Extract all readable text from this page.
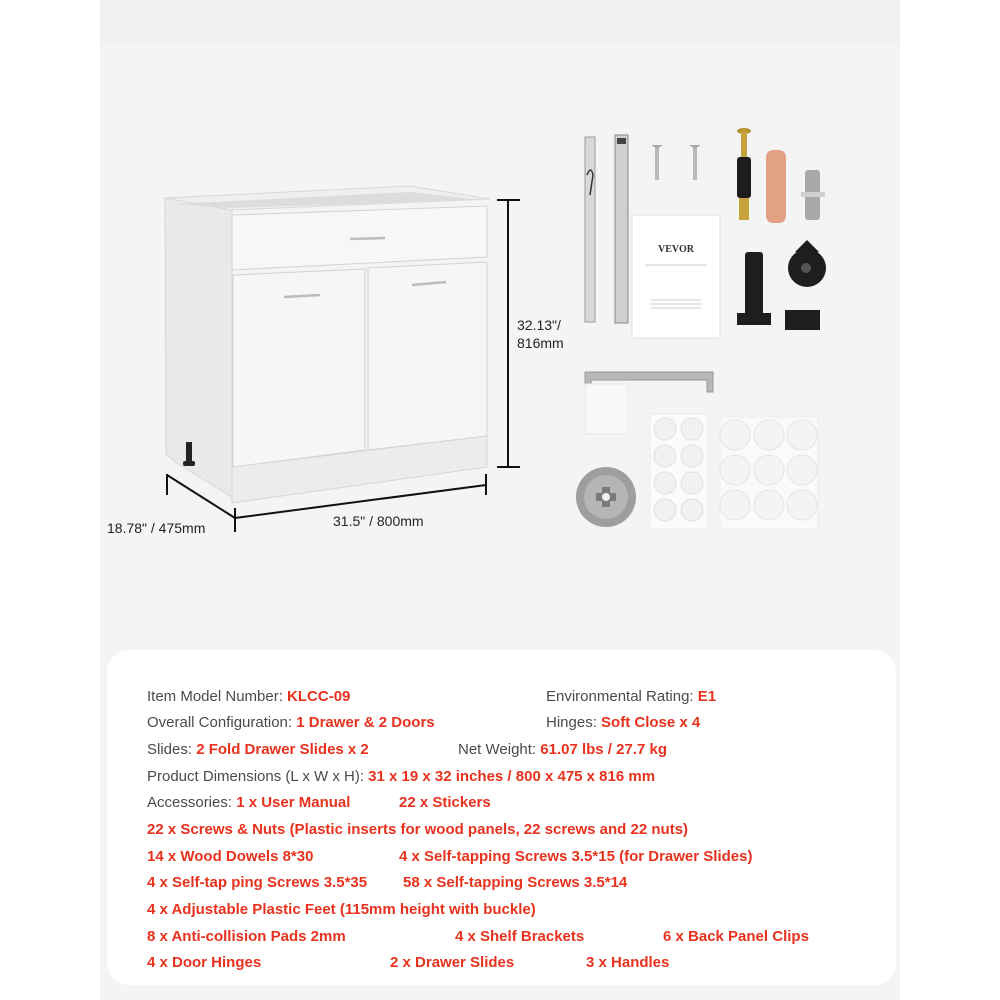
32.13"/
816mm
31.5" / 800mm
18.78" / 475mm
VEVOR
Item Model Number: KLCC-09	Environmental Rating: E1
Overall Configuration: 1 Drawer & 2 Doors	Hinges: Soft Close x 4
Slides: 2 Fold Drawer Slides x 2	Net Weight: 61.07 lbs / 27.7 kg
Product Dimensions (L x W x H): 31 x 19 x 32 inches / 800 x 475 x 816 mm
Accessories: 1 x User Manual	22 x Stickers
22 x Screws & Nuts (Plastic inserts for wood panels, 22 screws and 22 nuts)
14 x Wood Dowels 8*30	4 x Self-tapping Screws 3.5*15 (for Drawer Slides)
4 x Self-tap ping Screws 3.5*35 58 x Self-tapping Screws 3.5*14
4 x Adjustable Plastic Feet (115mm height with buckle)
8 x Anti-collision Pads 2mm	4 x Shelf Brackets	6 x Back Panel Clips
4 x Door Hinges	2 x Drawer Slides	3 x Handles
